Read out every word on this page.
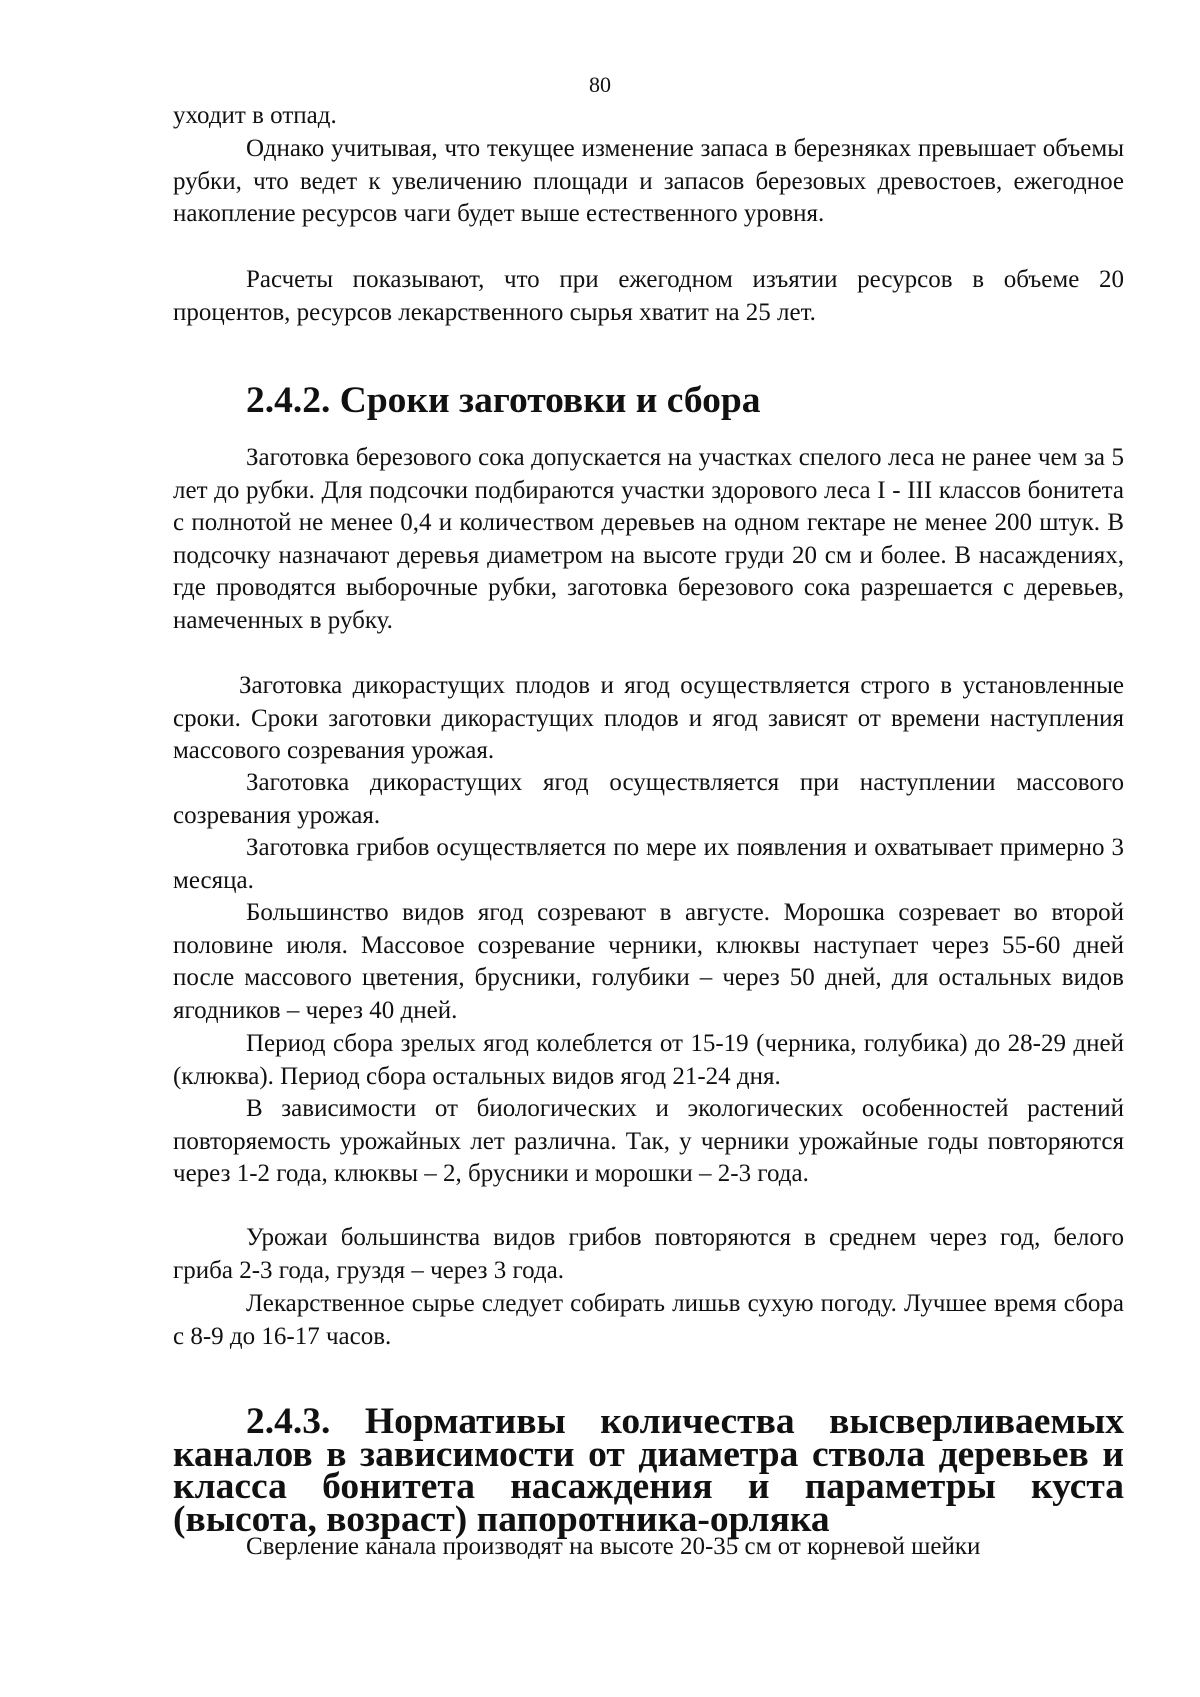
80

уходит в отпад.

Однако учитывая, что текущее изменение запаса в березняках превышает объемы рубки, что ведет к увеличению площади и запасов березовых древостоев, ежегодное накопление ресурсов чаги будет выше естественного уровня.

Расчеты показывают, что при ежегодном изъятии ресурсов в объеме 20 процентов, ресурсов лекарственного сырья хватит на 25 лет.

2.4.2. Сроки заготовки и сбора

Заготовка березового сока допускается на участках спелого леса не ранее чем за 5 лет до рубки. Для подсочки подбираются участки здорового леса I - III классов бонитета с полнотой не менее 0,4 и количеством деревьев на одном гектаре не менее 200 штук. В подсочку назначают деревья диаметром на высоте груди 20 см и более. В насаждениях, где проводятся выборочные рубки, заготовка березового сока разрешается с деревьев, намеченных в рубку.

Заготовка дикорастущих плодов и ягод осуществляется строго в установленные сроки. Сроки заготовки дикорастущих плодов и ягод зависят от времени наступления массового созревания урожая.

Заготовка дикорастущих ягод осуществляется при наступлении массового созревания урожая.

Заготовка грибов осуществляется по мере их появления и охватывает примерно 3 месяца.

Большинство видов ягод созревают в августе. Морошка созревает во второй половине июля. Массовое созревание черники, клюквы наступает через 55-60 дней после массового цветения, брусники, голубики – через 50 дней, для остальных видов ягодников – через 40 дней.

Период сбора зрелых ягод колеблется от 15-19 (черника, голубика) до 28-29 дней (клюква). Период сбора остальных видов ягод 21-24 дня.

В зависимости от биологических и экологических особенностей растений повторяемость урожайных лет различна. Так, у черники урожайные годы повторяются через 1-2 года, клюквы – 2, брусники и морошки – 2-3 года.

Урожаи большинства видов грибов повторяются в среднем через год, белого гриба 2-3 года, груздя – через 3 года.

Лекарственное сырье следует собирать лишьв сухую погоду. Лучшее время сбора с 8-9 до 16-17 часов.

2.4.3. Нормативы количества высверливаемых каналов в зависимости от диаметра ствола деревьев и класса бонитета насаждения и параметры куста (высота, возраст) папоротника-орляка

Сверление канала производят на высоте 20-35 см от корневой шейки
